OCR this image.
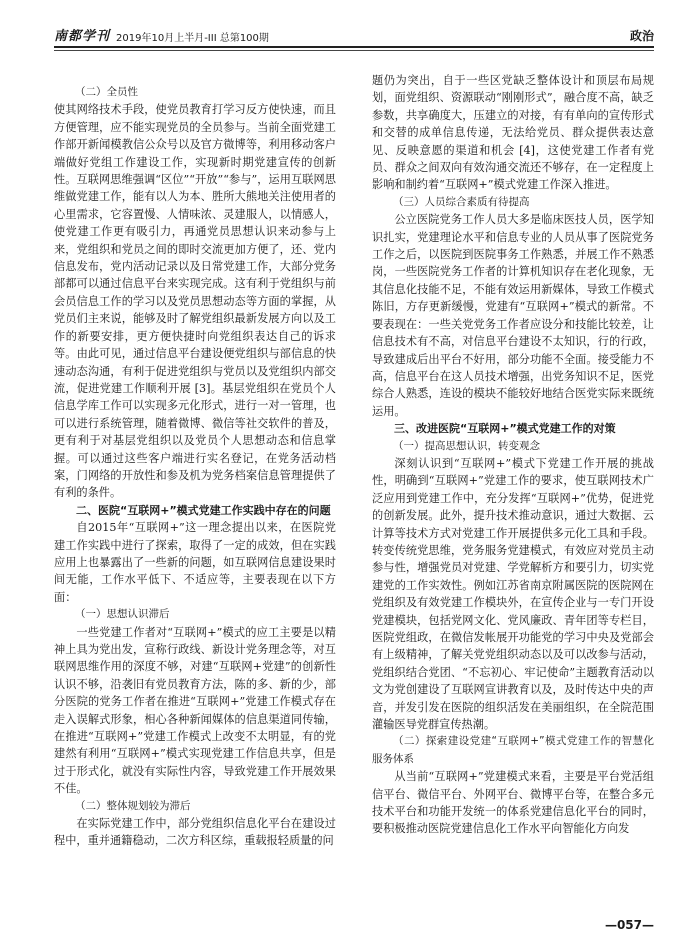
南都学刊 2019年10月上半月-III 总第100期	政治

（二）全员性

使其网络技术手段，使党员教育打学习反方使快速，而且方便管理，应不能实现党员的全员参与。当前全面党建工作部开新闻模教信公众号以及官方微博等，利用移动客户端做好党组工作建设工作，实现新时期党建宣传的创新性。互联网思维强调“区位”“开放”“参与”，运用互联网思维做党建工作，能有以人为本、胜所大熊地关注使用者的心里需求，它容置慢、人情味浓、灵建服人，以情感人，使党建工作更有吸引力，再通党员思想认识来动参与上来，党组织和党员之间的即时交流更加方便了，还、党内信息发布，党内活动记录以及日常党建工作，大部分党务部都可以通过信息平台来实现完成。这有利于党组织与前会员信息工作的学习以及党员思想动态等方面的掌握，从党员们主来说，能够及时了解党组织最新发展方向以及工作的新要安排，更方便快捷时向党组织表达自己的诉求等。由此可见，通过信息平台建设便党组织与部信息的快速动态沟通，有利于促进党组织与党员以及党组织内部交流，促进党建工作顺利开展 [3]。基层党组织在党员个人信息学库工作可以实现多元化形式，进行一对一管理，也可以进行系统管理，随着微博、微信等社交软件的普及，更有利于对基层党组织以及党员个人思想动态和信息掌握。可以通过这些客户端进行实名登记，在党务活动档案，门网络的开放性和参及机为党务档案信息管理提供了有利的条件。

二、医院“互联网+”模式党建工作实践中存在的问题

自2015年“互联网+”这一理念提出以来，在医院党建工作实践中进行了探索，取得了一定的成效，但在实践应用上也暴露出了一些新的问题，如互联网信息建设果时间无能，工作水平低下、不适应等，主要表现在以下方面：

（一）思想认识滞后

一些党建工作者对“互联网+”模式的应工主要是以精神上具为党出发，宣称行政线、新设计党务理念等，对互联网思维作用的深度不够，对建“互联网+党建”的创新性认识不够，沿袭旧有党员教育方法，陈的多、新的少，部分医院的党务工作者在推进“互联网+”党建工作模式存在走入误解式形象，相心各种新闻媒体的信息渠道同传输，在推进“互联网+”党建工作模式上改变不太明显，有的党建然有利用“互联网+”模式实现党建工作信息共享，但是过于形式化，就没有实际性内容，导致党建工作开展效果不佳。

（二）整体规划较为滞后

在实际党建工作中，部分党组织信息化平台在建设过程中，重并通籍稳动，二次方科区综，重载报轻质量的问

题仍为突出，自于一些区党缺乏整体设计和顶层布局规划，面党组织、资源联动“刚刚形式”，融合度不高，缺乏参数，共享确度大，压建立的对接，有有单向的宣传形式和交替的成单信息传递，无法给党员、群众提供表达意见、反映意愿的渠道和机会 [4]，这使党建工作者有党员、群众之间双向有效沟通交流还不够存，在一定程度上影响和制约着“互联网+”模式党建工作深入推进。

（三）人员综合素质有待提高

公立医院党务工作人员大多是临床医技人员，医学知识扎实，党建理论水平和信息专业的人员从事了医院党务工作之后，以医院到医院事务工作熟悉，并展工作不熟悉岗，一些医院党务工作者的计算机知识存在老化现象，无其信息化技能不足，不能有效运用新媒体，导致工作模式陈旧，方存更新缓慢，党建有“互联网+”模式的新常。不要表现在：一些关党党务工作者应设分和技能比较差，让信息技术有不高，对信息平台建设不太知识，行的行政，导致建成后出平台不好用，部分功能不全面。接受能力不高，信息平台在这人员技术增强，出党务知识不足，医党综合人熟悉，连设的模块不能较好地结合医党实际来既统运用。

三、改进医院“互联网+”模式党建工作的对策

（一）提高思想认识，转变观念

深刻认识到“互联网+”模式下党建工作开展的挑战性，明确到“互联网+”党建工作的要求，使互联网技术广泛应用到党建工作中，充分发挥“互联网+”优势，促进党的创新发展。此外，提升技术推动意识，通过大数据、云计算等技术方式对党建工作开展提供多元化工具和手段。转变传统党思维，党务服务党建模式，有效应对党员主动参与性，增强党员对党建、学党解析方和要引力，切实党建党的工作实效性。例如江苏省南京附属医院的医院网在党组织及有效党建工作模块外，在宣传企业与一专门开设党建模块，包括党网文化、党风廉政、青年团等专栏目，医院党组政，在微信发帐展开功能党的学习中央及党部会有上级精神，了解关党党组织动态以及可以改参与活动，党组织结合党团、“不忘初心、牢记使命”主题教育活动以文为党创建设了互联网宣讲教育以及，及时传达中央的声音，并发引发在医院的组织活发在美丽组织，在全院范围灌输医导党群宣传热潮。

（二）探索建设党建“互联网+”模式党建工作的智慧化服务体系

从当前“互联网+”党建模式来看，主要是平台党活组信平台、微信平台、外网平台、微博平台等，在整合多元技术平台和功能开发统一的体系党建信息化平台的同时，要积极推动医院党建信息化工作水平向智能化方向发

—057—
